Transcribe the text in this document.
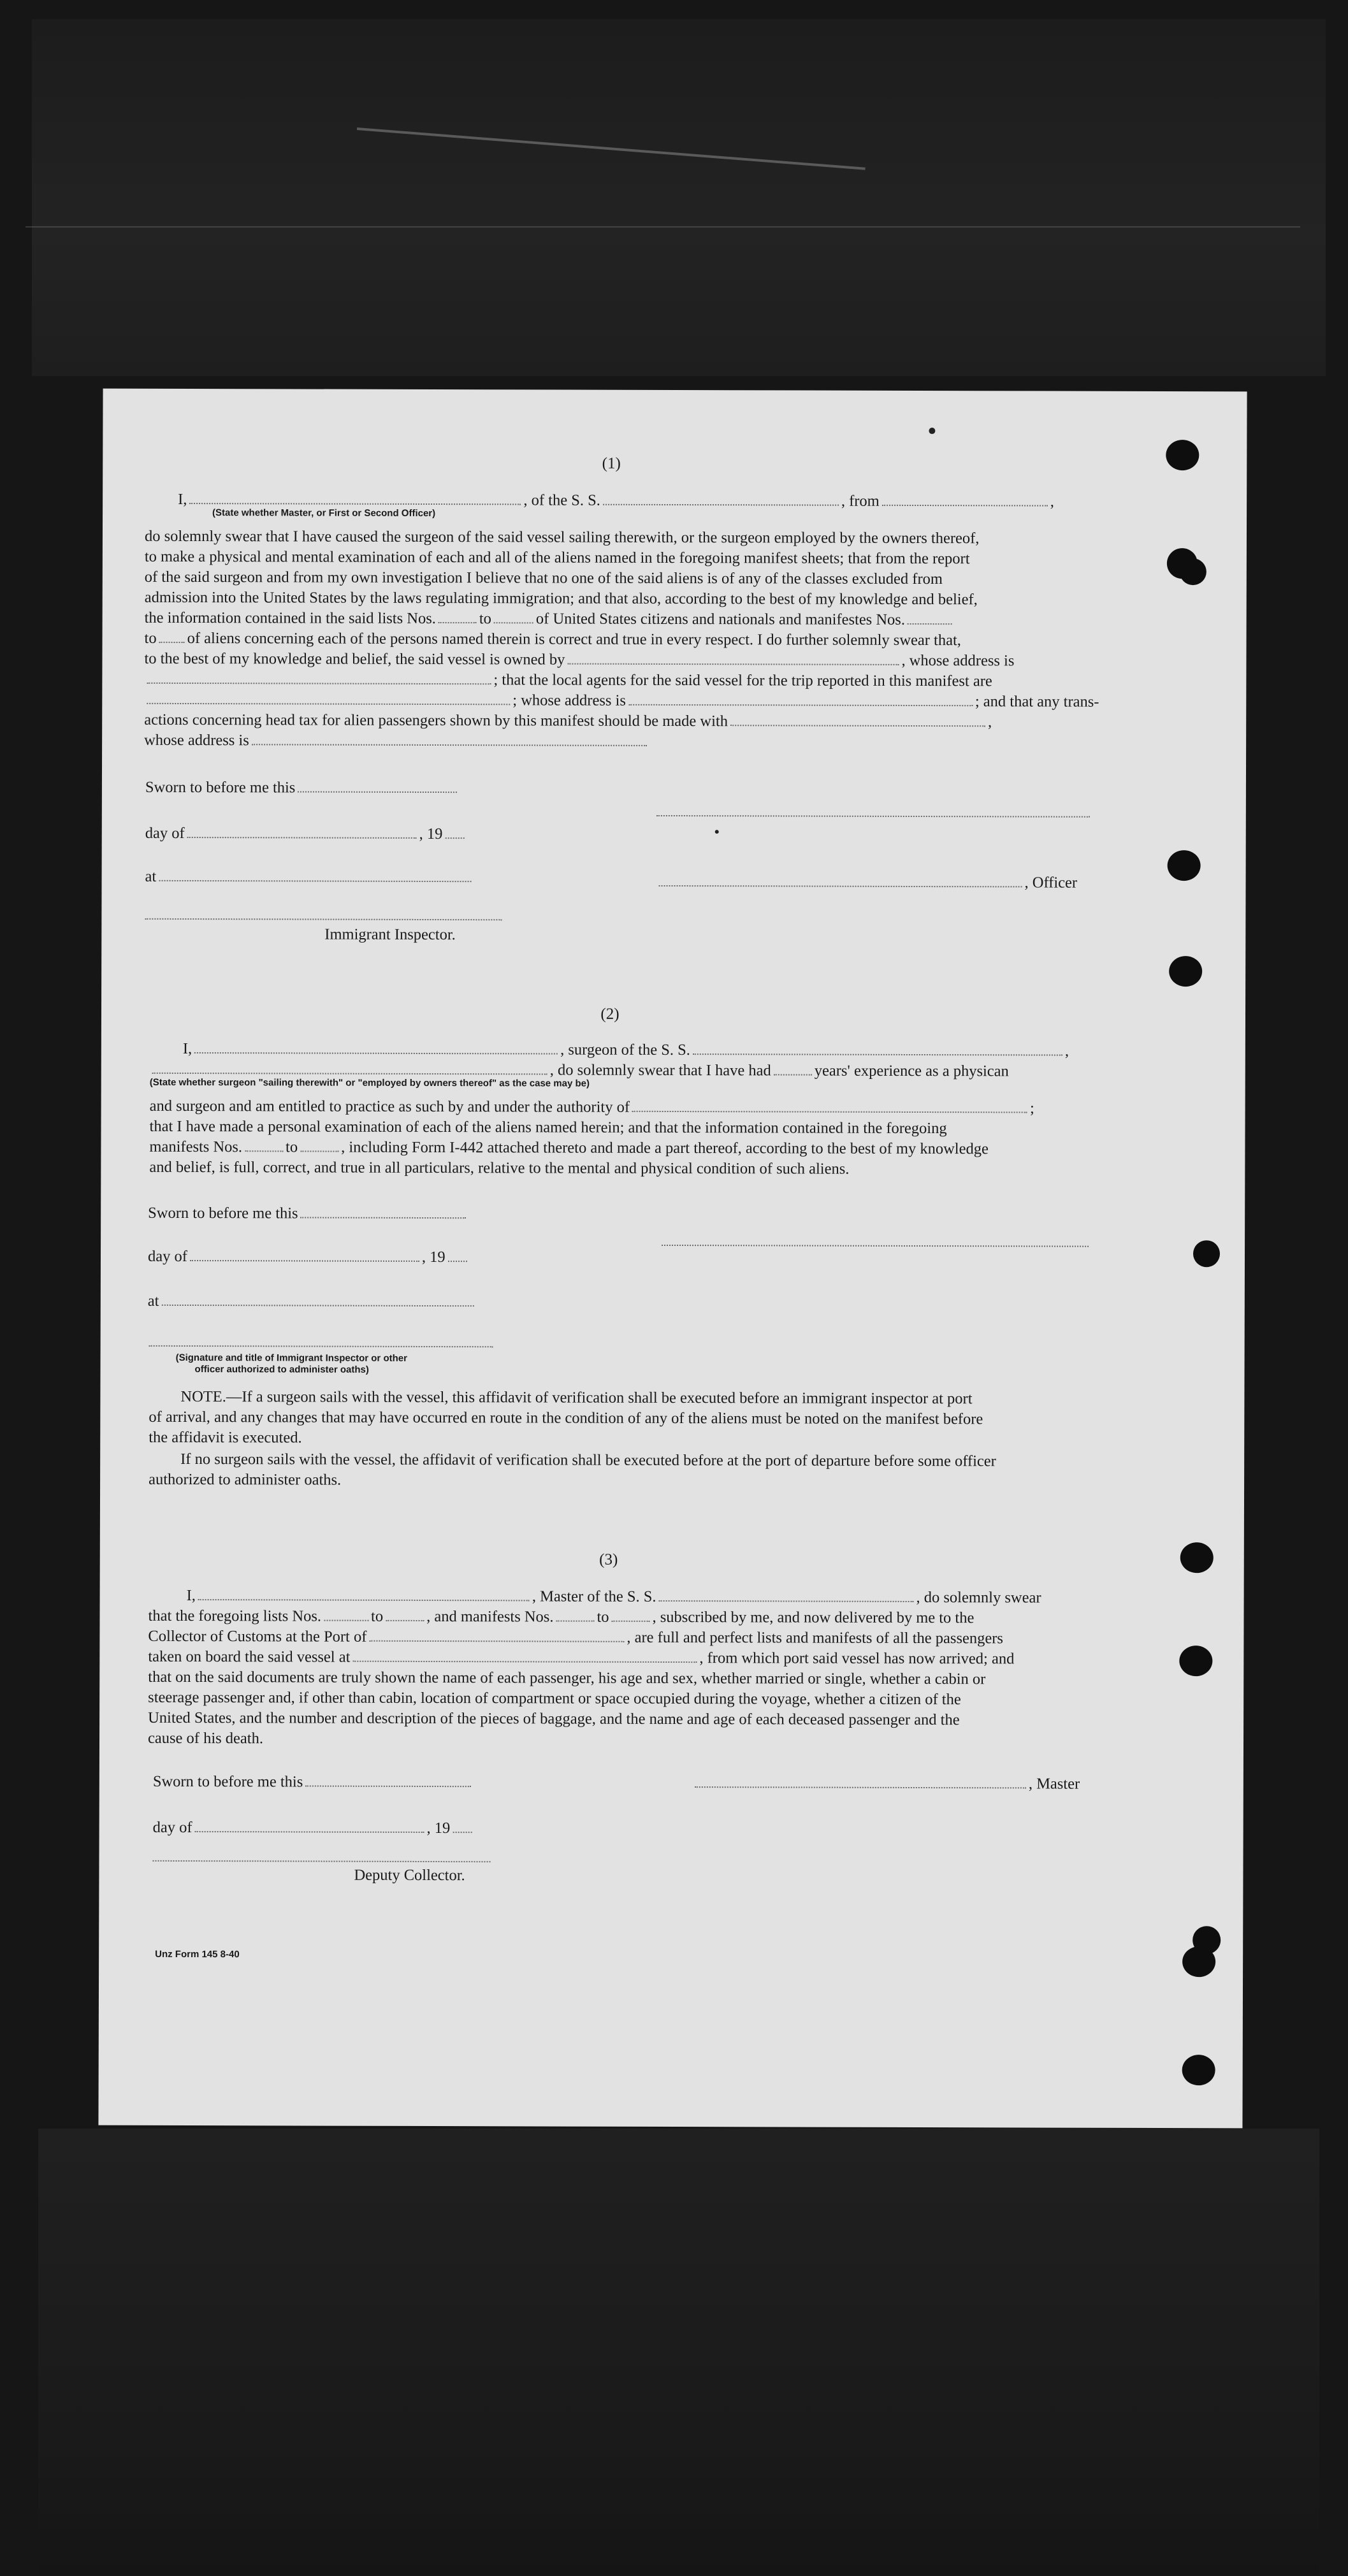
(1)
I,	, of the S. S.	, from	,
(State whether Master, or First or Second Officer)
do solemnly swear that I have caused the surgeon of the said vessel sailing therewith, or the surgeon employed by the owners thereof,
to make a physical and mental examination of each and all of the aliens named in the foregoing manifest sheets; that from the report
of the said surgeon and from my own investigation I believe that no one of the said aliens is of any of the classes excluded from
admission into the United States by the laws regulating immigration; and that also, according to the best of my knowledge and belief,
the information contained in the said lists Nos.	to	of United States citizens and nationals and manifestes Nos.
to of aliens concerning each of the persons named therein is correct and true in every respect. I do further solemnly swear that,
to the best of my knowledge and belief, the said vessel is owned by	, whose address is
; that the local agents for the said vessel for the trip reported in this manifest are
; whose address is	; and that any trans-
actions concerning head tax for alien passengers shown by this manifest should be made with	,
whose address is
Sworn to before me this
day of	, 19
at	, Officer
Immigrant Inspector.
(2)
I,	, surgeon of the S. S.	,
, do solemnly swear that I have had	years' experience as a physican
(State whether surgeon "sailing therewith" or "employed by owners thereof" as the case may be)
and surgeon and am entitled to practice as such by and under the authority of	;
that I have made a personal examination of each of the aliens named herein; and that the information contained in the foregoing
manifests Nos.	to	, including Form I-442 attached thereto and made a part thereof, according to the best of my knowledge
and belief, is full, correct, and true in all particulars, relative to the mental and physical condition of such aliens.
Sworn to before me this
day of	, 19
at
(Signature and title of Immigrant Inspector or other
officer authorized to administer oaths)
NOTE.—If a surgeon sails with the vessel, this affidavit of verification shall be executed before an immigrant inspector at port
of arrival, and any changes that may have occurred en route in the condition of any of the aliens must be noted on the manifest before
the affidavit is executed.
If no surgeon sails with the vessel, the affidavit of verification shall be executed before at the port of departure before some officer
authorized to administer oaths.
(3)
I,	, Master of the S. S.	, do solemnly swear
that the foregoing lists Nos.	to	, and manifests Nos.	to	, subscribed by me, and now delivered by me to the
Collector of Customs at the Port of	, are full and perfect lists and manifests of all the passengers
taken on board the said vessel at	, from which port said vessel has now arrived; and
that on the said documents are truly shown the name of each passenger, his age and sex, whether married or single, whether a cabin or
steerage passenger and, if other than cabin, location of compartment or space occupied during the voyage, whether a citizen of the
United States, and the number and description of the pieces of baggage, and the name and age of each deceased passenger and the
cause of his death.
Sworn to before me this	, Master
day of	, 19
Deputy Collector.
Unz Form 145 8-40
